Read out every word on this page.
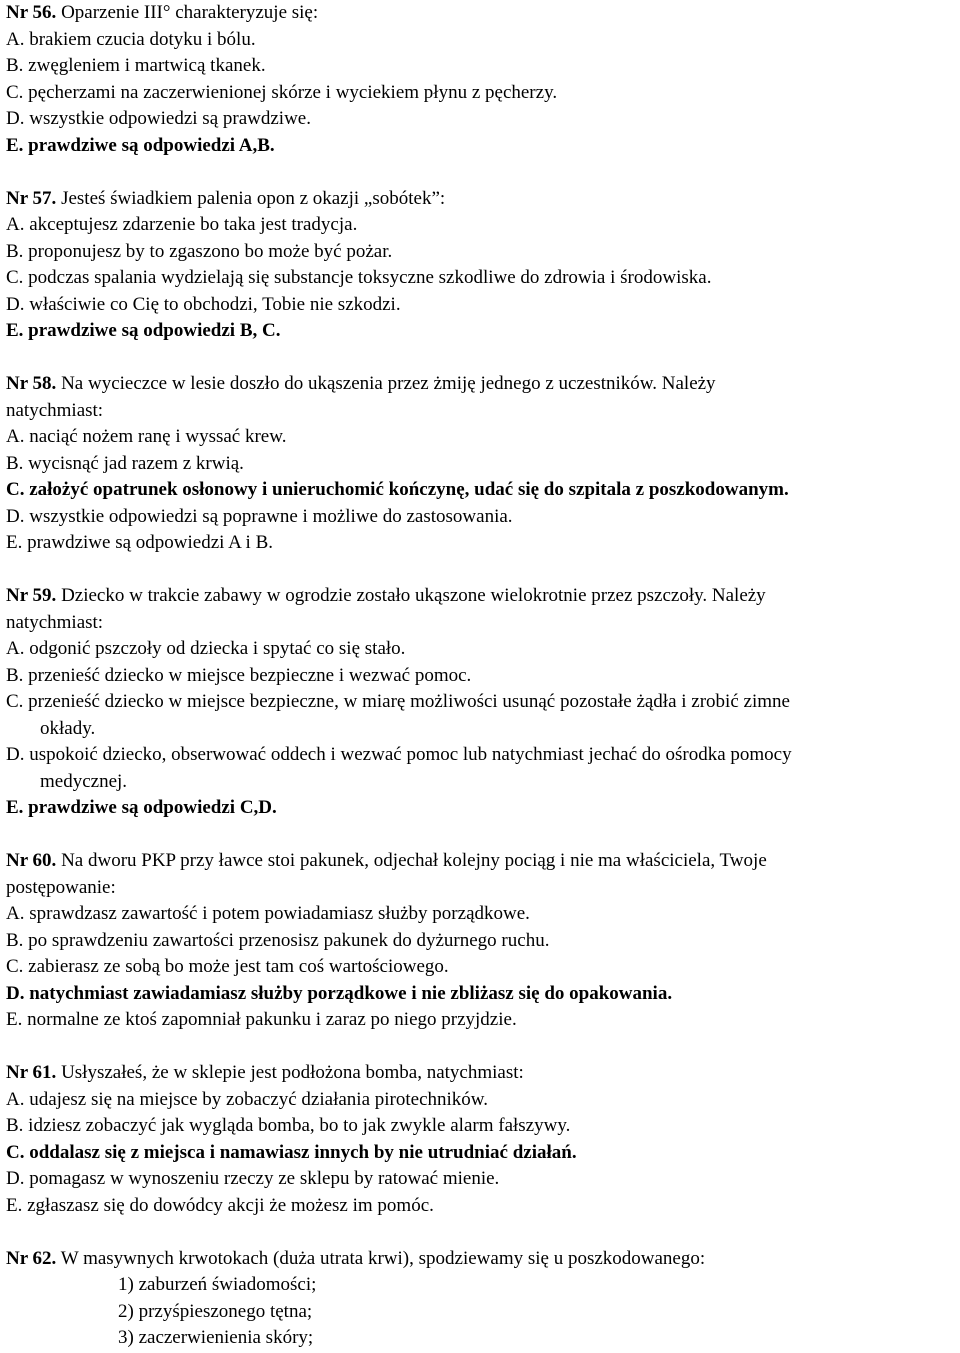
Nr 56. Oparzenie III° charakteryzuje się:
A. brakiem czucia dotyku i bólu.
B. zwęgleniem i martwicą tkanek.
C. pęcherzami na zaczerwienionej skórze i wyciekiem płynu z pęcherzy.
D. wszystkie odpowiedzi są prawdziwe.
E. prawdziwe są odpowiedzi A,B.
Nr 57. Jesteś świadkiem palenia opon z okazji „sobótek”:
A. akceptujesz zdarzenie bo taka jest tradycja.
B. proponujesz by to zgaszono bo może być pożar.
C. podczas spalania wydzielają się substancje toksyczne szkodliwe do zdrowia i środowiska.
D. właściwie co Cię to obchodzi, Tobie nie szkodzi.
E. prawdziwe są odpowiedzi B, C.
Nr 58. Na wycieczce w lesie doszło do ukąszenia przez żmiję jednego z uczestników. Należy
natychmiast:
A. naciąć nożem ranę i wyssać krew.
B. wycisnąć jad razem z krwią.
C. założyć opatrunek osłonowy i unieruchomić kończynę, udać się do szpitala z poszkodowanym.
D. wszystkie odpowiedzi są poprawne i możliwe do zastosowania.
E. prawdziwe są odpowiedzi A i B.
Nr 59. Dziecko w trakcie zabawy w ogrodzie zostało ukąszone wielokrotnie przez pszczoły. Należy
natychmiast:
A. odgonić pszczoły od dziecka i spytać co się stało.
B. przenieść dziecko w miejsce bezpieczne i wezwać pomoc.
C. przenieść dziecko w miejsce bezpieczne, w miarę możliwości usunąć pozostałe żądła i zrobić zimne
okłady.
D. uspokoić dziecko, obserwować oddech i wezwać pomoc lub natychmiast jechać do ośrodka pomocy
medycznej.
E. prawdziwe są odpowiedzi C,D.
Nr 60. Na dworu PKP przy ławce stoi pakunek, odjechał kolejny pociąg i nie ma właściciela, Twoje
postępowanie:
A. sprawdzasz zawartość i potem powiadamiasz służby porządkowe.
B. po sprawdzeniu zawartości przenosisz pakunek do dyżurnego ruchu.
C. zabierasz ze sobą bo może jest tam coś wartościowego.
D. natychmiast zawiadamiasz służby porządkowe i nie zbliżasz się do opakowania.
E. normalne ze ktoś zapomniał pakunku i zaraz po niego przyjdzie.
Nr 61. Usłyszałeś, że w sklepie jest podłożona bomba, natychmiast:
A. udajesz się na miejsce by zobaczyć działania pirotechników.
B. idziesz zobaczyć jak wygląda bomba, bo to jak zwykle alarm fałszywy.
C. oddalasz się z miejsca i namawiasz innych by nie utrudniać działań.
D. pomagasz w wynoszeniu rzeczy ze sklepu by ratować mienie.
E. zgłaszasz się do dowódcy akcji że możesz im pomóc.
Nr 62. W masywnych krwotokach (duża utrata krwi), spodziewamy się u poszkodowanego:
1) zaburzeń świadomości;
2) przyśpieszonego tętna;
3) zaczerwienienia skóry;
